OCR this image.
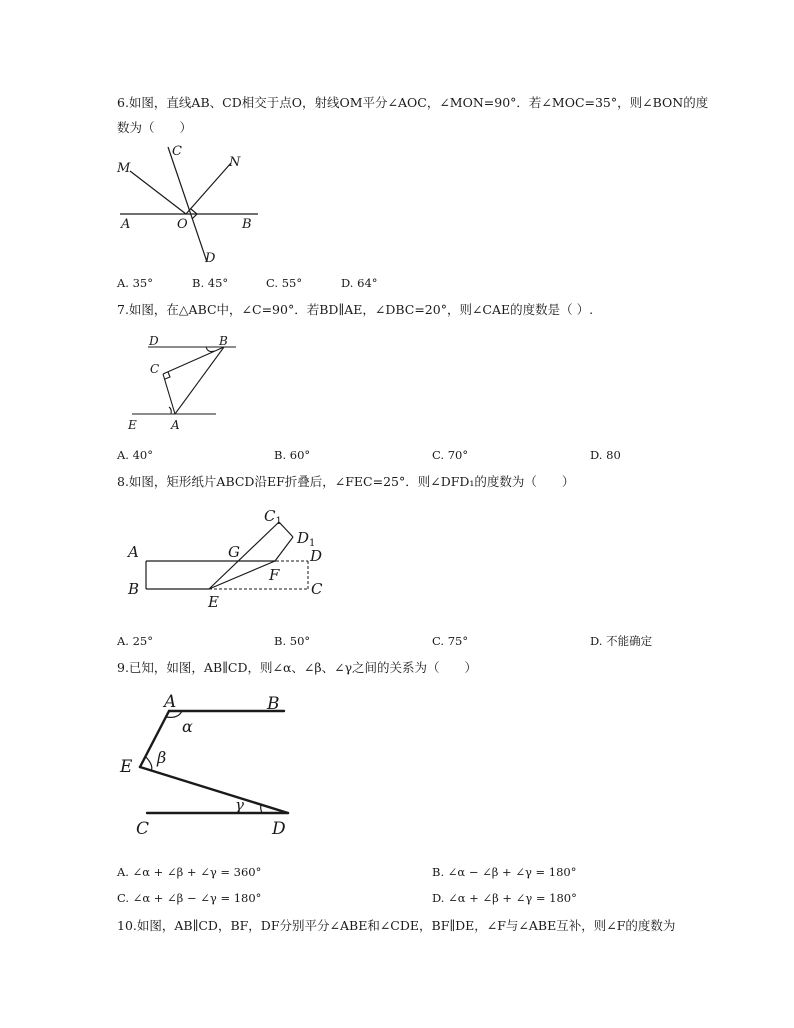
6.如图，直线AB、CD相交于点O，射线OM平分∠AOC，∠MON=90°．若∠MOC=35°，则∠BON的度
数为（　　）
M
C
N
A	O	B
D
A. 35°	B. 45°	C. 55°	D. 64°
7.如图，在△ABC中，∠C=90°．若BD∥AE，∠DBC=20°，则∠CAE的度数是（ ）.
D	B
C
E	A
A. 40°	B. 60°	C. 70°	D. 80
8.如图，矩形纸片ABCD沿EF折叠后，∠FEC=25°．则∠DFD₁的度数为（　　）
$C_1$
$D_1$
A	G	D
F
B
E
C
A. 25°	B. 50°	C. 75°	D. 不能确定
9.已知，如图，AB∥CD，则∠α、∠β、∠γ之间的关系为（　　）
A	B
α
E β
γ
C	D
A. ∠α + ∠β + ∠γ = 360°	B. ∠α − ∠β + ∠γ = 180°
C. ∠α + ∠β − ∠γ = 180°	D. ∠α + ∠β + ∠γ = 180°
10.如图，AB∥CD，BF，DF分别平分∠ABE和∠CDE，BF∥DE，∠F与∠ABE互补，则∠F的度数为
